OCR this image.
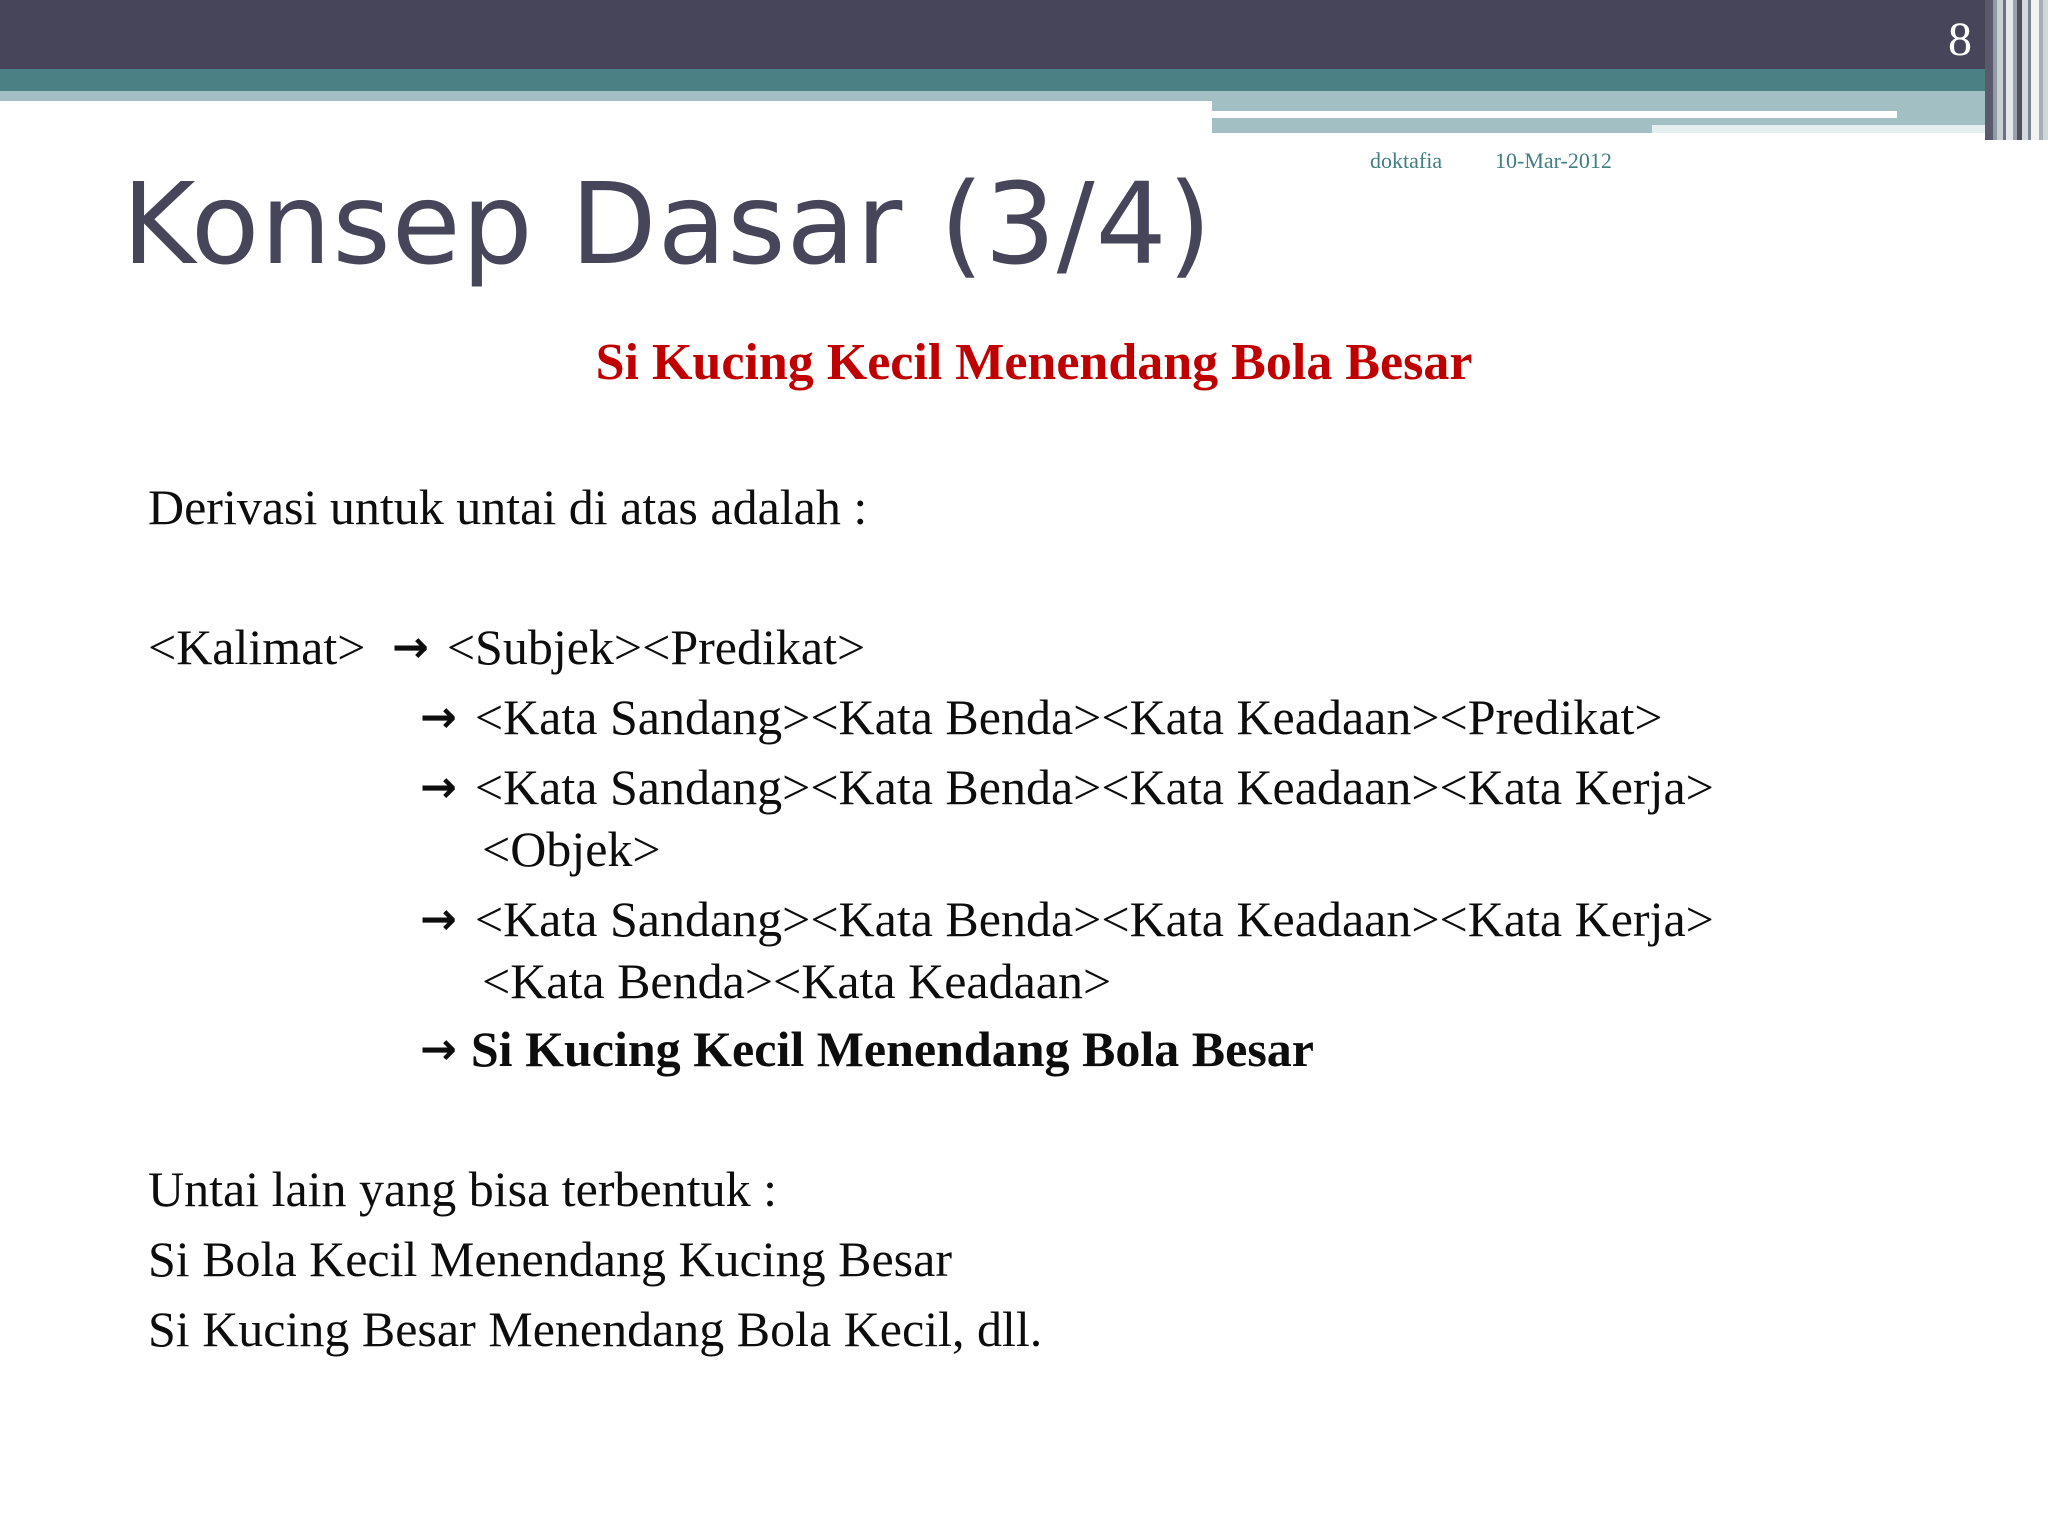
8
doktafia 10-Mar-2012
Konsep Dasar (3/4)
Si Kucing Kecil Menendang Bola Besar
Derivasi untuk untai di atas adalah :
<Kalimat> → <Subjek><Predikat>
→ <Kata Sandang><Kata Benda><Kata Keadaan><Predikat>
→ <Kata Sandang><Kata Benda><Kata Keadaan><Kata Kerja>
<Objek>
→ <Kata Sandang><Kata Benda><Kata Keadaan><Kata Kerja>
<Kata Benda><Kata Keadaan>
→ Si Kucing Kecil Menendang Bola Besar
Untai lain yang bisa terbentuk :
Si Bola Kecil Menendang Kucing Besar
Si Kucing Besar Menendang Bola Kecil, dll.
